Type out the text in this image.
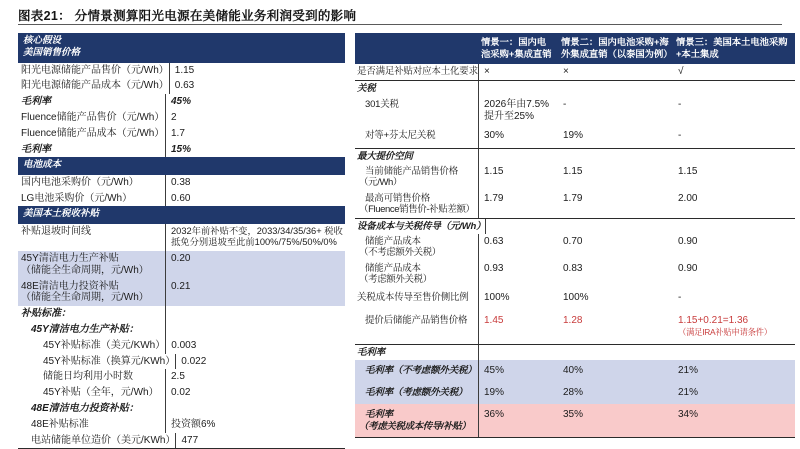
图表21： 分情景测算阳光电源在美储能业务利润受到的影响
核心假设
美国销售价格
阳光电源储能产品售价（元/Wh） 1.15
阳光电源储能产品成本（元/Wh） 0.63
毛利率	45%
Fluence储能产品售价（元/Wh） 2
Fluence储能产品成本（元/Wh） 1.7
毛利率	15%
电池成本
国内电池采购价（元/Wh）	0.38
LG电池采购价（元/Wh）	0.60
美国本土税收补贴
补贴退坡时间线	2032年前补贴不变，2033/34/35/36+ 税收抵免分别退坡至此前100%/75%/50%/0%
45Y清洁电力生产补贴
（储能全生命周期，元/Wh）
0.20
48E清洁电力投资补贴
（储能全生命周期，元/Wh）
0.21
补贴标准：
45Y清洁电力生产补贴：
45Y补贴标准（美元/KWh） 0.003
45Y补贴标准（换算元/KWh） 0.022
储能日均利用小时数	2.5
45Y补贴（全年，元/Wh）	0.02
48E清洁电力投资补贴：
48E补贴标准	投资额6%
电站储能单位造价（美元/KWh） 477
情景一：国内电池采购+集成直销
情景二：国内电池采购+海外集成直销（以泰国为例）
情景三：美国本土电池采购+本土集成
是否满足补贴对应本土化要求 ×	×	√
关税
301关税	2026年由7.5%提升至25%
-	-
对等+芬太尼关税	30%	19%	-
最大提价空间
当前储能产品销售价格
（元/Wh）
1.15	1.15	1.15
最高可销售价格
（Fluence销售价-补贴差额）
1.79	1.79	2.00
设备成本与关税传导（元/Wh）
储能产品成本
（不考虑额外关税）
0.63	0.70	0.90
储能产品成本
（考虑额外关税）
0.93	0.83	0.90
关税成本传导至售价侧比例	100%	100%	-
提价后储能产品销售价格	1.45	1.28	1.15+0.21=1.36
（满足IRA补贴申请条件）
毛利率
毛利率（不考虑额外关税） 45%	40%	21%
毛利率（考虑额外关税）	19%	28%	21%
毛利率
（考虑关税成本传导/补贴）
36%	35%	34%
